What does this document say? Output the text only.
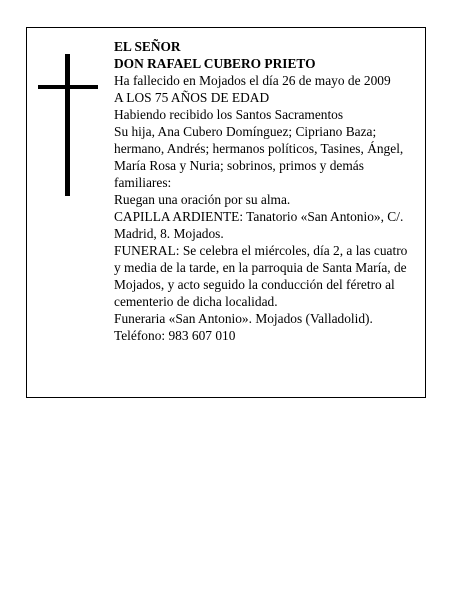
EL SEÑOR
DON RAFAEL CUBERO PRIETO
Ha fallecido en Mojados el día 26 de mayo de 2009
A LOS 75 AÑOS DE EDAD
Habiendo recibido los Santos Sacramentos
Su hija, Ana Cubero Domínguez; Cipriano Baza;
hermano, Andrés; hermanos políticos, Tasines, Ángel,
María Rosa y Nuria; sobrinos, primos y demás
familiares:
Ruegan una oración por su alma.
CAPILLA ARDIENTE: Tanatorio «San Antonio», C/.
Madrid, 8. Mojados.
FUNERAL: Se celebra el miércoles, día 2, a las cuatro
y media de la tarde, en la parroquia de Santa María, de
Mojados, y acto seguido la conducción del féretro al
cementerio de dicha localidad.
Funeraria «San Antonio». Mojados (Valladolid).
Teléfono: 983 607 010
